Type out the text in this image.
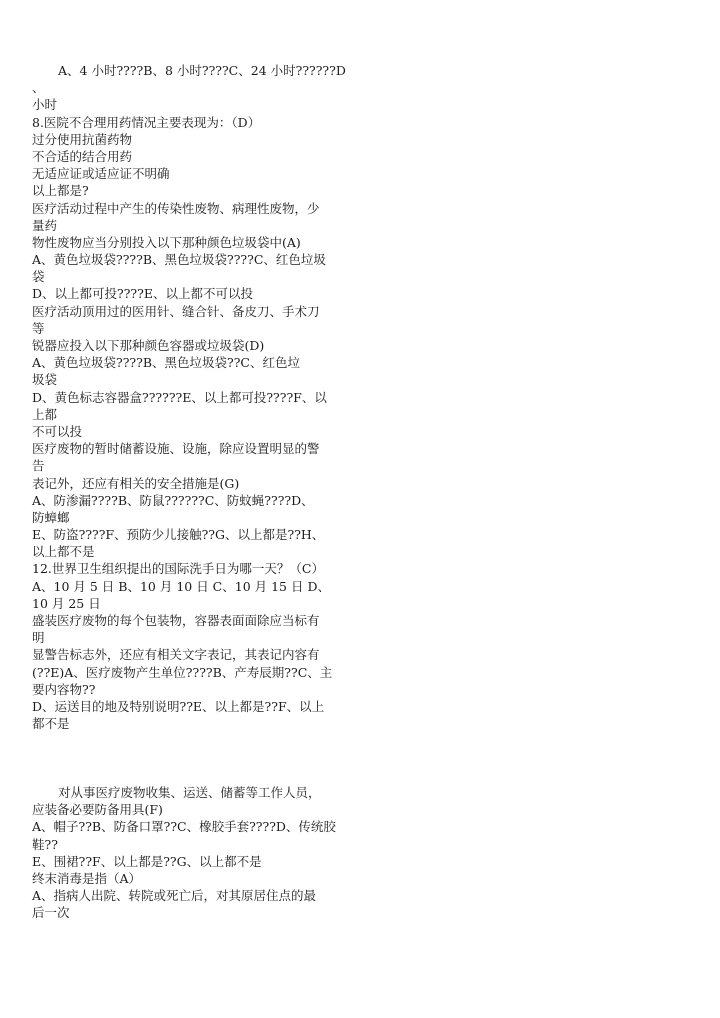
A、4 小时????B、8 小时????C、24 小时??????D
、
小时
8.医院不合理用药情况主要表现为：（D）
过分使用抗菌药物
不合适的结合用药
无适应证或适应证不明确
以上都是?
医疗活动过程中产生的传染性废物、病理性废物，少
量药
物性废物应当分别投入以下那种颜色垃圾袋中(A)
A、黄色垃圾袋????B、黑色垃圾袋????C、红色垃圾
袋
D、以上都可投????E、以上都不可以投
医疗活动顶用过的医用针、缝合针、备皮刀、手术刀
等
锐器应投入以下那种颜色容器或垃圾袋(D)
A、黄色垃圾袋????B、黑色垃圾袋??C、红色垃
圾袋
D、黄色标志容器盒??????E、以上都可投????F、以
上都
不可以投
医疗废物的暂时储蓄设施、设施，除应设置明显的警
告
表记外，还应有相关的安全措施是(G)
A、防渗漏????B、防鼠??????C、防蚊蝇????D、
防蟑螂
E、防盗????F、预防少儿接触??G、以上都是??H、
以上都不是
12.世界卫生组织提出的国际洗手日为哪一天？（C）
A、10 月 5 日 B、10 月 10 日 C、10 月 15 日 D、
10 月 25 日
盛装医疗废物的每个包装物，容器表面面除应当标有
明
显警告标志外，还应有相关文字表记，其表记内容有
(??E)A、医疗废物产生单位????B、产寿辰期??C、主
要内容物??
D、运送目的地及特别说明??E、以上都是??F、以上
都不是
对从事医疗废物收集、运送、储蓄等工作人员，
应装备必要防备用具(F)
A、帽子??B、防备口罩??C、橡胶手套????D、传统胶
鞋??
E、围裙??F、以上都是??G、以上都不是
终末消毒是指（A）
A、指病人出院、转院或死亡后，对其原居住点的最
后一次
